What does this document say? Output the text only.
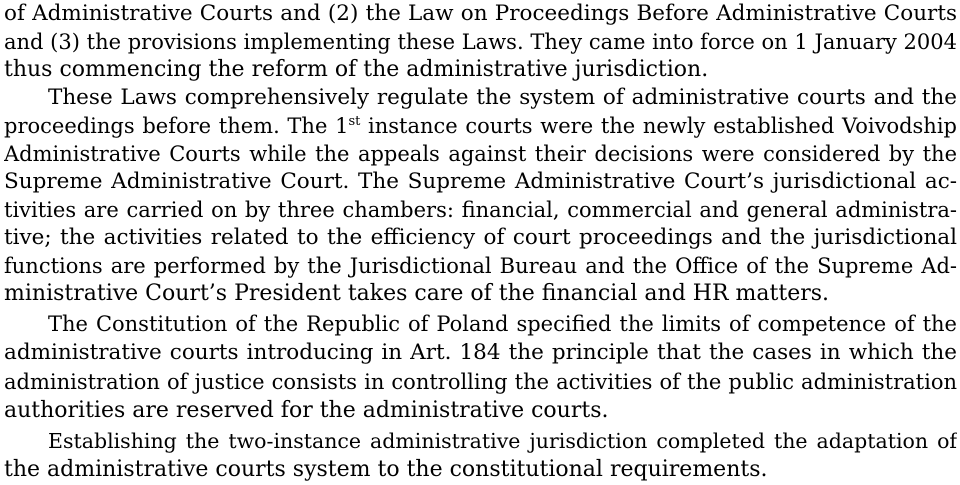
of Administrative Courts and (2) the Law on Proceedings Before Administrative Courts
and (3) the provisions implementing these Laws. They came into force on 1 January 2004
thus commencing the reform of the administrative jurisdiction.
These Laws comprehensively regulate the system of administrative courts and the
proceedings before them. The 1st instance courts were the newly established Voivodship
Administrative Courts while the appeals against their decisions were considered by the
Supreme Administrative Court. The Supreme Administrative Court’s jurisdictional ac-
tivities are carried on by three chambers: financial, commercial and general administra-
tive; the activities related to the efficiency of court proceedings and the jurisdictional
functions are performed by the Jurisdictional Bureau and the Office of the Supreme Ad-
ministrative Court’s President takes care of the financial and HR matters.
The Constitution of the Republic of Poland specified the limits of competence of the
administrative courts introducing in Art. 184 the principle that the cases in which the
administration of justice consists in controlling the activities of the public administration
authorities are reserved for the administrative courts.
Establishing the two-instance administrative jurisdiction completed the adaptation of
the administrative courts system to the constitutional requirements.
